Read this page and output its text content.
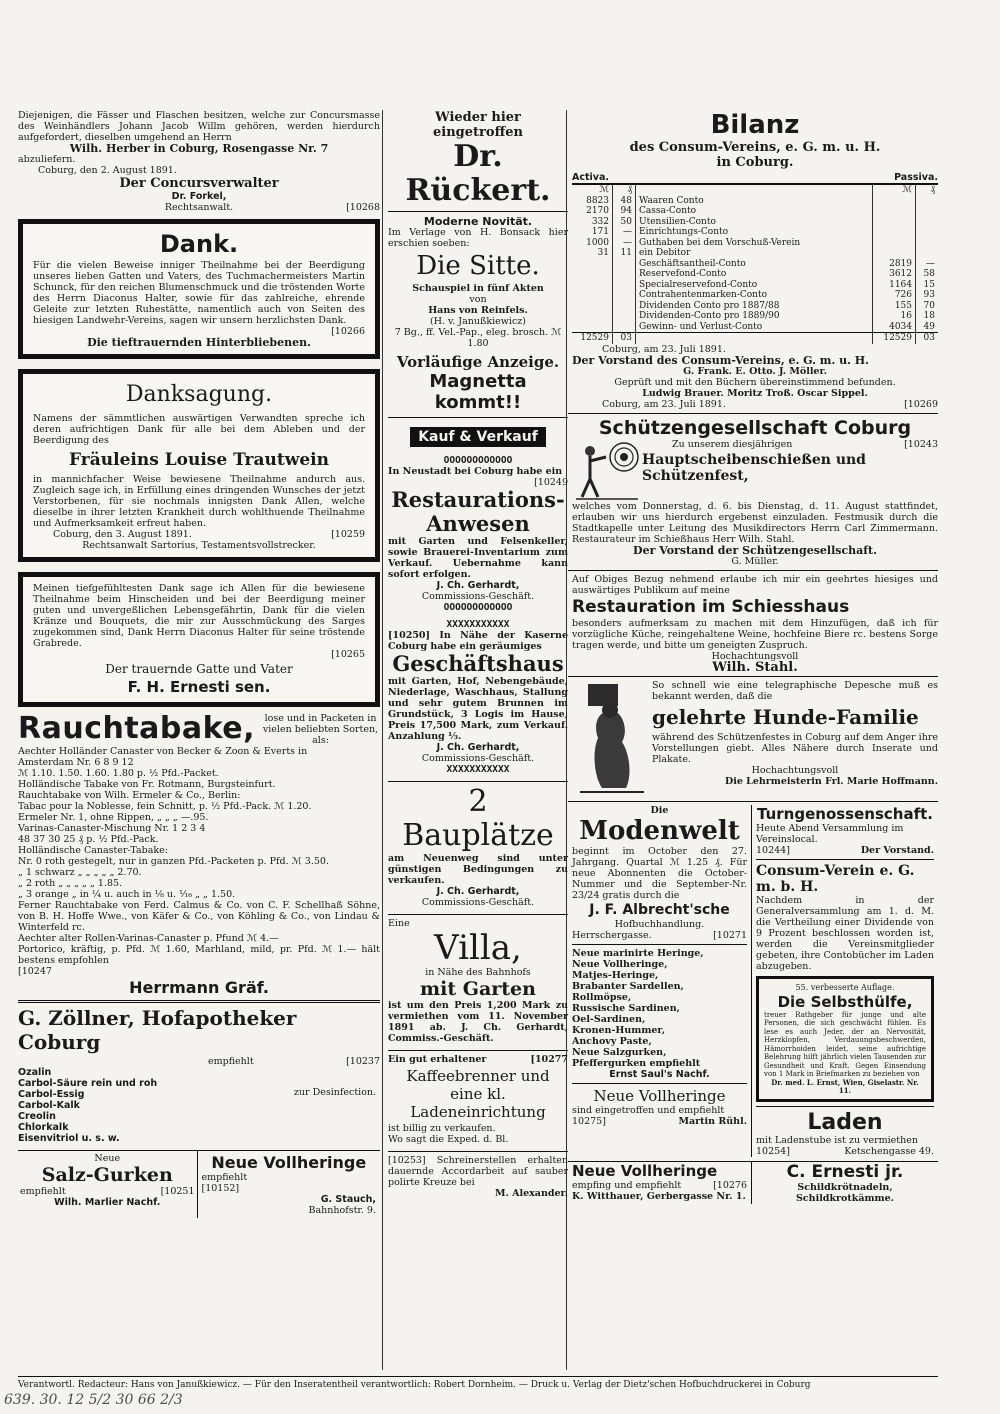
Diejenigen, die Fässer und Flaschen besitzen, welche zur Concursmasse des Weinhändlers Johann Jacob Willm gehören, werden hierdurch aufgefordert, dieselben umgehend an Herrn

Wilh. Herber in Coburg, Rosengasse Nr. 7

abzuliefern.

Coburg, den 2. August 1891.

Der Concursverwalter

Dr. Forkel,

Rechtsanwalt.	[10268

Dank.

Für die vielen Beweise inniger Theilnahme bei der Beerdigung unseres lieben Gatten und Vaters, des Tuchmachermeisters Martin Schunck, für den reichen Blumenschmuck und die tröstenden Worte des Herrn Diaconus Halter, sowie für das zahlreiche, ehrende Geleite zur letzten Ruhestätte, namentlich auch von Seiten des hiesigen Landwehr-Vereins, sagen wir unsern herzlichsten Dank.

[10266

Die tieftrauernden Hinterbliebenen.

Danksagung.

Namens der sämmtlichen auswärtigen Verwandten spreche ich deren aufrichtigen Dank für alle bei dem Ableben und der Beerdigung des

Fräuleins Louise Trautwein

in mannichfacher Weise bewiesene Theilnahme andurch aus. Zugleich sage ich, in Erfüllung eines dringenden Wunsches der jetzt Verstorbenen, für sie nochmals innigsten Dank Allen, welche dieselbe in ihrer letzten Krankheit durch wohlthuende Theilnahme und Aufmerksamkeit erfreut haben.

Coburg, den 3. August 1891.	[10259

Rechtsanwalt Sartorius, Testamentsvollstrecker.

Meinen tiefgefühltesten Dank sage ich Allen für die bewiesene Theilnahme beim Hinscheiden und bei der Beerdigung meiner guten und unvergeßlichen Lebensgefährtin, Dank für die vielen Kränze und Bouquets, die mir zur Ausschmückung des Sarges zugekommen sind, Dank Herrn Diaconus Halter für seine tröstende Grabrede.

[10265

Der trauernde Gatte und Vater

F. H. Ernesti sen.

Rauchtabake,	lose und in Packeten in vielen beliebten Sorten, als:

Aechter Holländer Canaster von Becker & Zoon & Everts in

Amsterdam Nr. 6 8 9 12

ℳ 1.10. 1.50. 1.60. 1.80 p. ½ Pfd.-Packet.

Holländische Tabake von Fr. Rotmann, Burgsteinfurt.

Rauchtabake von Wilh. Ermeler & Co., Berlin:

Tabac pour la Noblesse, fein Schnitt, p. ½ Pfd.-Pack. ℳ 1.20.

Ermeler Nr. 1, ohne Rippen, „ „ „ —.95.

Varinas-Canaster-Mischung Nr. 1 2 3 4

48 37 30 25 ₰ p. ½ Pfd.-Pack.

Holländische Canaster-Tabake:

Nr. 0 roth gestegelt, nur in ganzen Pfd.-Packeten p. Pfd. ℳ 3.50.

„ 1 schwarz „ „ „ „ „ 2.70.

„ 2 roth „ „ „ „ „ 1.85.

„ 3 orange „ in ¼ u. auch in ⅛ u. ⅟₁₆ „ „ 1.50.

Ferner Rauchtabake von Ferd. Calmus & Co. von C. F. Schellhaß Söhne, von B. H. Hoffe Wwe., von Käfer & Co., von Köhling & Co., von Lindau & Winterfeld rc.

Aechter alter Rollen-Varinas-Canaster p. Pfund ℳ 4.—

Portorico, kräftig, p. Pfd. ℳ 1.60, Marhland, mild, pr. Pfd. ℳ 1.— hält bestens empfohlen

[10247

Herrmann Gräf.

G. Zöllner, Hofapotheker Coburg

empfiehlt	[10237

Ozalin

Carbol-Säure rein und roh

Carbol-Essig

Carbol-Kalk

Creolin

Chlorkalk

Eisenvitriol u. s. w.

zur Desinfection.

Neue

Salz-Gurken

empfiehlt	[10251

Wilh. Marlier Nachf.

Neue Vollheringe

empfiehlt

[10152]

G. Stauch,

Bahnhofstr. 9.

Wieder hier eingetroffen

Dr. Rückert.

Moderne Novität.

Im Verlage von H. Bonsack hier erschien soeben:

Die Sitte.

Schauspiel in fünf Akten

von

Hans von Reinfels.

(H. v. Janußkiewicz)

7 Bg., ff. Vel.-Pap., eleg. brosch. ℳ 1.80

Vorläufige Anzeige.

Magnetta kommt!!

Kauf & Verkauf

OOOOOOOOOOOO

In Neustadt bei Coburg habe ein

[10249

Restaurations-Anwesen

mit Garten und Felsenkeller, sowie Brauerei-Inventarium zum Verkauf. Uebernahme kann sofort erfolgen.

J. Ch. Gerhardt,

Commissions-Geschäft.

OOOOOOOOOOOO

XXXXXXXXXXX

[10250] In Nähe der Kaserne Coburg habe ein geräumiges

Geschäftshaus

mit Garten, Hof, Nebengebäude, Niederlage, Waschhaus, Stallung und sehr gutem Brunnen im Grundstück, 3 Logis im Hause, Preis 17,500 Mark, zum Verkauf. Anzahlung ⅓.

J. Ch. Gerhardt,

Commissions-Geschäft.

XXXXXXXXXXX

2 Bauplätze

am Neuenweg sind unter günstigen Bedingungen zu verkaufen.

J. Ch. Gerhardt,

Commissions-Geschäft.

Eine

Villa,

in Nähe des Bahnhofs

mit Garten

ist um den Preis 1,200 Mark zu vermiethen vom 11. November 1891 ab. J. Ch. Gerhardt, Commiss.-Geschäft.

Ein gut erhaltener	[10277

Kaffeebrenner und eine kl. Ladeneinrichtung

ist billig zu verkaufen.

Wo sagt die Exped. d. Bl.

[10253] Schreinerstellen erhalten dauernde Accordarbeit auf sauber polirte Kreuze bei

M. Alexander.

Bilanz

des Consum-Vereins, e. G. m. u. H.

in Coburg.

Activa.	Passiva.
ℳ	₰		ℳ	₰
8823	48	Waaren Conto		
2170	94	Cassa-Conto		
332	50	Utensilien-Conto		
171	—	Einrichtungs-Conto		
1000	—	Guthaben bei dem Vorschuß-Verein		
31	11	ein Debitor		
		Geschäftsantheil-Conto	2819	—
		Reservefond-Conto	3612	58
		Specialreservefond-Conto	1164	15
		Contrahentenmarken-Conto	726	93
		Dividenden Conto pro 1887/88	155	70
		Dividenden-Conto pro 1889/90	16	18
		Gewinn- und Verlust-Conto	4034	49
12529	03		12529	03

Coburg, am 23. Juli 1891.

Der Vorstand des Consum-Vereins, e. G. m. u. H.

G. Frank. E. Otto. J. Möller.

Geprüft und mit den Büchern übereinstimmend befunden.

Ludwig Brauer. Moritz Troß. Oscar Sippel.

Coburg, am 23. Juli 1891.	[10269

Schützengesellschaft Coburg

Zu unserem diesjährigen	[10243

Hauptscheibenschießen und Schützenfest,

welches vom Donnerstag, d. 6. bis Dienstag, d. 11. August stattfindet, erlauben wir uns hierdurch ergebenst einzuladen. Festmusik durch die Stadtkapelle unter Leitung des Musikdirectors Herrn Carl Zimmermann. Restaurateur im Schießhaus Herr Wilh. Stahl.

Der Vorstand der Schützengesellschaft.

G. Müller.

Auf Obiges Bezug nehmend erlaube ich mir ein geehrtes hiesiges und auswärtiges Publikum auf meine

Restauration im Schiesshaus

besonders aufmerksam zu machen mit dem Hinzufügen, daß ich für vorzügliche Küche, reingehaltene Weine, hochfeine Biere rc. bestens Sorge tragen werde, und bitte um geneigten Zuspruch.

Hochachtungsvoll

Wilh. Stahl.

So schnell wie eine telegraphische Depesche muß es bekannt werden, daß die

gelehrte Hunde-Familie

während des Schützenfestes in Coburg auf dem Anger ihre Vorstellungen giebt. Alles Nähere durch Inserate und Plakate.

Hochachtungsvoll

Die Lehrmeisterin Frl. Marie Hoffmann.

Die

Modenwelt

beginnt im October den 27. Jahrgang. Quartal ℳ 1.25 ₰. Für neue Abonnenten die October-Nummer und die September-Nr. 23/24 gratis durch die

J. F. Albrecht'sche

Hofbuchhandlung.

Herrschergasse.	[10271

Neue marinirte Heringe,

Neue Vollheringe,

Matjes-Heringe,

Brabanter Sardellen,

Rollmöpse,

Russische Sardinen,

Oel-Sardinen,

Kronen-Hummer,

Anchovy Paste,

Neue Salzgurken,

Pfeffergurken empfiehlt

Ernst Saul's Nachf.

Neue Vollheringe

sind eingetroffen und empfiehlt

10275]	Martin Rühl.

Turngenossenschaft.

Heute Abend Versammlung im Vereinslocal.

10244]	Der Vorstand.

Consum-Verein e. G. m. b. H.

Nachdem in der Generalversammlung am 1. d. M. die Vertheilung einer Dividende von 9 Prozent beschlossen worden ist, werden die Vereinsmitglieder gebeten, ihre Contobücher im Laden abzugeben.

55. verbesserte Auflage.

Die Selbsthülfe,

treuer Rathgeber für junge und alte Personen, die sich geschwächt fühlen. Es lese es auch Jeder, der an Nervosität, Herzklopfen, Verdauungsbeschwerden, Hämorrhoiden leidet, seine aufrichtige Belehrung hilft jährlich vielen Tausenden zur Gesundheit und Kraft. Gegen Einsendung von 1 Mark in Briefmarken zu beziehen von

Dr. med. L. Ernst, Wien, Giselastr. Nr. 11.

Laden

mit Ladenstube ist zu vermiethen

10254]	Ketschengasse 49.

Neue Vollheringe

empfing und empfiehlt	[10276

K. Witthauer, Gerbergasse Nr. 1.

C. Ernesti jr.

Schildkrötnadeln,

Schildkrotkämme.

Verantwortl. Redacteur: Hans von Janußkiewicz. — Für den Inseratentheil verantwortlich: Robert Dornheim. — Druck u. Verlag der Dietz'schen Hofbuchdruckerei in Coburg
639. 30. 12 5/2 30 66 2/3
